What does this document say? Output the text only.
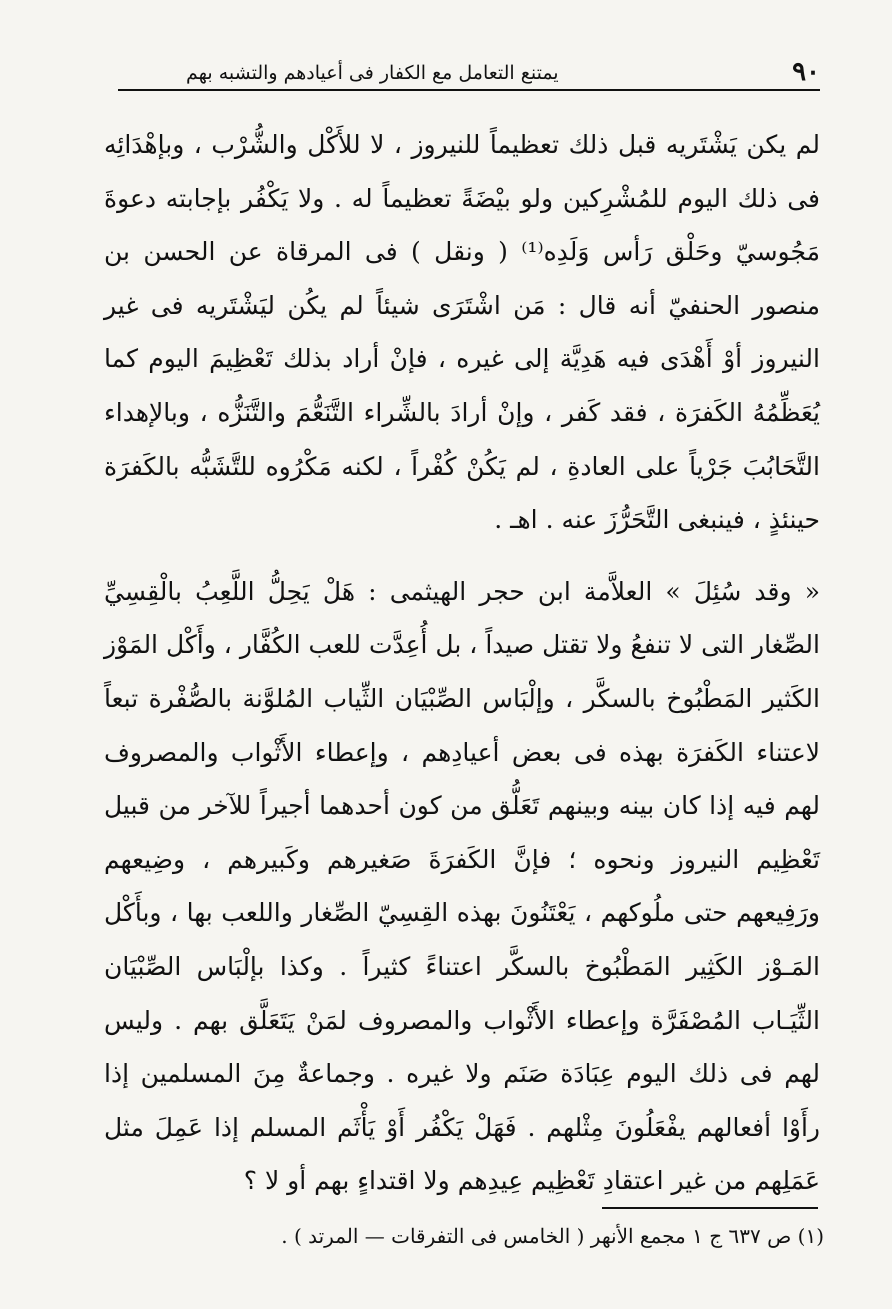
٩٠
يمتنع التعامل مع الكفار فى أعيادهم والتشبه بهم

لم يكن يَشْتَريه قبل ذلك تعظيماً للنيروز ، لا للأَكْل والشُّرْب ، وبإهْدَائِه فى ذلك اليوم للمُشْرِكين ولو بيْضَةً تعظيماً له . ولا يَكْفُر بإجابته دعوةَ مَجُوسيّ وحَلْق رَأس وَلَدِه⁽¹⁾ ( ونقل ) فى المرقاة عن الحسن بن منصور الحنفيّ أنه قال : مَن اشْتَرَى شيئاً لم يكُن ليَشْتَريه فى غير النيروز أوْ أَهْدَى فيه هَدِيَّة إلى غيره ، فإنْ أراد بذلك تَعْظِيمَ اليوم كما يُعَظِّمُهُ الكَفرَة ، فقد كَفر ، وإنْ أرادَ بالشِّراء التَّنَعُّمَ والتَّنَزُّه ، وبالإهداء التَّحَابُبَ جَرْياً على العادةِ ، لم يَكُنْ كُفْراً ، لكنه مَكْرُوه للتَّشَبُّه بالكَفرَة حينئذٍ ، فينبغى التَّحَرُّزَ عنه . اهـ .

« وقد سُئِلَ » العلاَّمة ابن حجر الهيثمى : هَلْ يَحِلُّ اللَّعِبُ بالْقِسِيِّ الصِّغار التى لا تنفعُ ولا تقتل صيداً ، بل أُعِدَّت للعب الكُفَّار ، وأَكْل المَوْز الكَثير المَطْبُوخ بالسكَّر ، وإلْبَاس الصِّبْيَان الثِّياب المُلوَّنة بالصُّفْرة تبعاً لاعتناء الكَفرَة بهذه فى بعض أعيادِهم ، وإعطاء الأَثْواب والمصروف لهم فيه إذا كان بينه وبينهم تَعَلُّق من كون أحدهما أجيراً للآخر من قبيل تَعْظِيم النيروز ونحوه ؛ فإنَّ الكَفرَةَ صَغيرهم وكَبيرهم ، وضِيعهم ورَفِيعهم حتى ملُوكهم ، يَعْتَنُونَ بهذه القِسِيّ الصِّغار واللعب بها ، وبأَكْل المَـوْز الكَثِير المَطْبُوخ بالسكَّر اعتناءً كثيراً . وكذا بإلْبَاس الصِّبْيَان الثِّيَـاب المُصْفَرَّة وإعطاء الأَثْواب والمصروف لمَنْ يَتَعَلَّق بهم . وليس لهم فى ذلك اليوم عِبَادَة صَنَم ولا غيره . وجماعةٌ مِنَ المسلمين إذا رأَوْا أفعالهم يفْعَلُونَ مِثْلهم . فَهَلْ يَكْفُر أَوْ يَأْثَم المسلم إذا عَمِلَ مثل عَمَلِهم من غير اعتقادِ تَعْظِيم عِيدِهم ولا اقتداءٍ بهم أو لا ؟

(١) ص ٦٣٧ ج ١ مجمع الأنهر ( الخامس فى التفرقات — المرتد ) .
